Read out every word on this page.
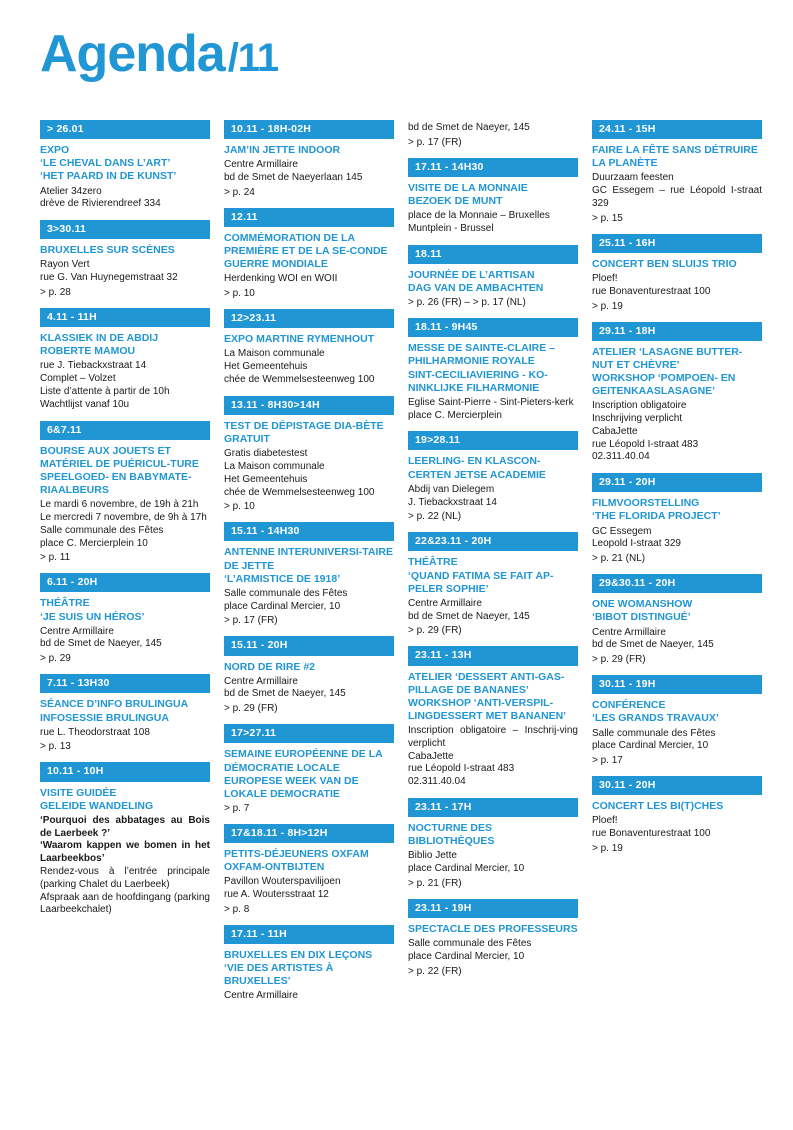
Agenda /11
> 26.01
EXPO
‘LE CHEVAL DANS L’ART’
‘HET PAARD IN DE KUNST’
Atelier 34zero
drève de Rivierendreef 334
3>30.11
BRUXELLES SUR SCÈNES
Rayon Vert
rue G. Van Huynegemstraat 32
> p. 28
4.11 - 11H
KLASSIEK IN DE ABDIJ
ROBERTE MAMOU
rue J. Tiebackxstraat 14
Complet – Volzet
Liste d’attente à partir de 10h
Wachtlijst vanaf 10u
6&7.11
BOURSE AUX JOUETS ET MATÉRIEL DE PUÉRICUL-TURE
SPEELGOED- EN BABYMATE-RIAALBEURS
Le mardi 6 novembre, de 19h à 21h
Le mercredi 7 novembre, de 9h à 17h
Salle communale des Fêtes
place C. Mercierplein 10
> p. 11
6.11 - 20H
THÉÂTRE
‘JE SUIS UN HÉROS’
Centre Armillaire
bd de Smet de Naeyer, 145
> p. 29
7.11 - 13H30
SÉANCE D’INFO BRULINGUA
INFOSESSIE BRULINGUA
rue L. Theodorstraat 108
> p. 13
10.11 - 10H
VISITE GUIDÉE
GELEIDE WANDELING
‘Pourquoi des abbatages au Bois de Laerbeek ?’
‘Waarom kappen we bomen in het Laarbeekbos’
Rendez-vous à l’entrée principale (parking Chalet du Laerbeek)
Afspraak aan de hoofdingang (parking Laarbeekchalet)
10.11 - 18H-02H
JAM’IN JETTE INDOOR
Centre Armillaire
bd de Smet de Naeyerlaan 145
> p. 24
12.11
COMMÉMORATION DE LA PREMIÈRE ET DE LA SE-CONDE GUERRE MONDIALE
Herdenking WOI en WOII
> p. 10
12>23.11
EXPO MARTINE RYMENHOUT
La Maison communale
Het Gemeentehuis
chée de Wemmelsesteenweg 100
13.11 - 8H30>14H
TEST DE DÉPISTAGE DIA-BÈTE GRATUIT
Gratis diabetestest
La Maison communale
Het Gemeentehuis
chée de Wemmelsesteenweg 100
> p. 10
15.11 - 14H30
ANTENNE INTERUNIVERSI-TAIRE DE JETTE
‘L’ARMISTICE DE 1918’
Salle communale des Fêtes
place Cardinal Mercier, 10
> p. 17 (FR)
15.11 - 20H
NORD DE RIRE #2
Centre Armillaire
bd de Smet de Naeyer, 145
> p. 29 (FR)
17>27.11
SEMAINE EUROPÉENNE DE LA DÉMOCRATIE LOCALE
EUROPESE WEEK VAN DE LOKALE DEMOCRATIE
> p. 7
17&18.11 - 8H>12H
PETITS-DÉJEUNERS OXFAM
OXFAM-ONTBIJTEN
Pavillon Wouterspavilijoen
rue A. Woutersstraat 12
> p. 8
17.11 - 11H
BRUXELLES EN DIX LEÇONS
‘VIE DES ARTISTES À BRUXELLES’
Centre Armillaire
bd de Smet de Naeyer, 145
> p. 17 (FR)
17.11 - 14H30
VISITE DE LA MONNAIE
BEZOEK DE MUNT
place de la Monnaie – Bruxelles
Muntplein - Brussel
18.11
JOURNÉE DE L’ARTISAN
DAG VAN DE AMBACHTEN
> p. 26 (FR) – > p. 17 (NL)
18.11 - 9H45
MESSE DE SAINTE-CLAIRE – PHILHARMONIE ROYALE
SINT-CECILIAVIERING - KO-NINKLIJKE FILHARMONIE
Eglise Saint-Pierre - Sint-Pieters-kerk
place C. Mercierplein
19>28.11
LEERLING- EN KLASCON-CERTEN JETSE ACADEMIE
Abdij van Dielegem
J. Tiebackxstraat 14
> p. 22 (NL)
22&23.11 - 20H
THÉÂTRE
‘QUAND FATIMA SE FAIT AP-PELER SOPHIE’
Centre Armillaire
bd de Smet de Naeyer, 145
> p. 29 (FR)
23.11 - 13H
ATELIER ‘DESSERT ANTI-GAS-PILLAGE DE BANANES’
WORKSHOP ‘ANTI-VERSPIL-LINGDESSERT MET BANANEN’
Inscription obligatoire – Inschrij-ving verplicht
CabaJette
rue Léopold I-straat 483
02.311.40.04
23.11 - 17H
NOCTURNE DES BIBLIOTHÈQUES
Biblio Jette
place Cardinal Mercier, 10
> p. 21 (FR)
23.11 - 19H
SPECTACLE DES PROFESSEURS
Salle communale des Fêtes
place Cardinal Mercier, 10
> p. 22 (FR)
24.11 - 15H
FAIRE LA FÊTE SANS DÉTRUIRE LA PLANÈTE
Duurzaam feesten
GC Essegem – rue Léopold I-straat 329
> p. 15
25.11 - 16H
CONCERT BEN SLUIJS TRIO
Ploef!
rue Bonaventurestraat 100
> p. 19
29.11 - 18H
ATELIER ‘LASAGNE BUTTER-NUT ET CHÈVRE’
WORKSHOP ‘POMPOEN- EN GEITENKAASLASAGNE’
Inscription obligatoire
Inschrijving verplicht
CabaJette
rue Léopold I-straat 483
02.311.40.04
29.11 - 20H
FILMVOORSTELLING
‘THE FLORIDA PROJECT’
GC Essegem
Leopold I-straat 329
> p. 21 (NL)
29&30.11 - 20H
ONE WOMANSHOW
‘BIBOT DISTINGUÉ’
Centre Armillaire
bd de Smet de Naeyer, 145
> p. 29 (FR)
30.11 - 19H
CONFÉRENCE
‘LES GRANDS TRAVAUX’
Salle communale des Fêtes
place Cardinal Mercier, 10
> p. 17
30.11 - 20H
CONCERT LES BI(T)CHES
Ploef!
rue Bonaventurestraat 100
> p. 19
